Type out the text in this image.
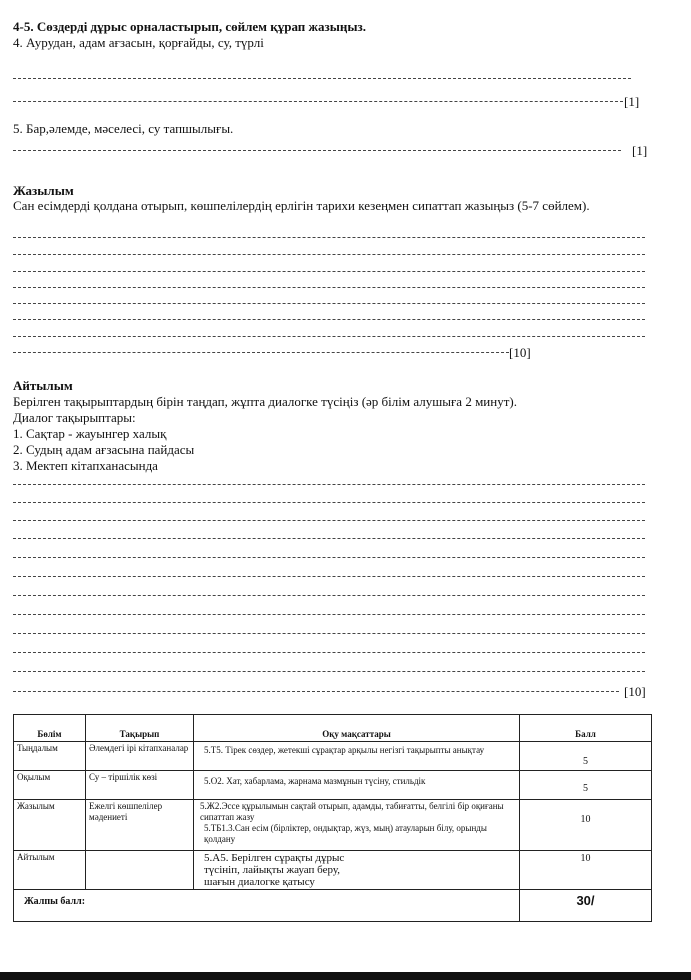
4-5. Сөздерді дұрыс орналастырып, сөйлем құрап жазыңыз.
4. Аурудан, адам ағзасын, қорғайды, су, түрлі
[1]
5. Бар,әлемде, мәселесі, су тапшылығы.
[1]
Жазылым
Сан есімдерді қолдана отырып, көшпелілердің ерлігін тарихи кезеңмен сипаттап жазыңыз (5-7 сөйлем).
[10]
Айтылым
Берілген тақырыптардың бірін таңдап, жұпта диалогке түсіңіз (әр білім алушыға 2 минут).
Диалог тақырыптары:
1. Сақтар - жауынгер халық
2. Судың адам ағзасына пайдасы
3. Мектеп кітапханасында
[10]
Бөлім	Тақырып	Оқу мақсаттары	Балл
Тыңдалым	Әлемдегі ірі кітапханалар	5.Т5. Тірек сөздер, жетекші сұрақтар арқылы негізгі тақырыпты анықтау	5
Оқылым	Су – тіршілік көзі	5.О2. Хат, хабарлама, жарнама мазмұнын түсіну, стильдік	5
Жазылым	Ежелгі көшпелілер мәдениеті	5.Ж2.Эссе құрылымын сақтай отырып, адамды, табиғатты, белгілі бір оқиғаны сипаттап жазу
5.ТБ1.3.Сан есім (бірліктер, ондықтар, жүз, мың) атауларын білу, орынды қолдану	10
Айтылым		5.А5. Берілген сұрақты дұрыс түсініп, лайықты жауап беру, шағын диалогке қатысу	10
Жалпы балл:			30/
